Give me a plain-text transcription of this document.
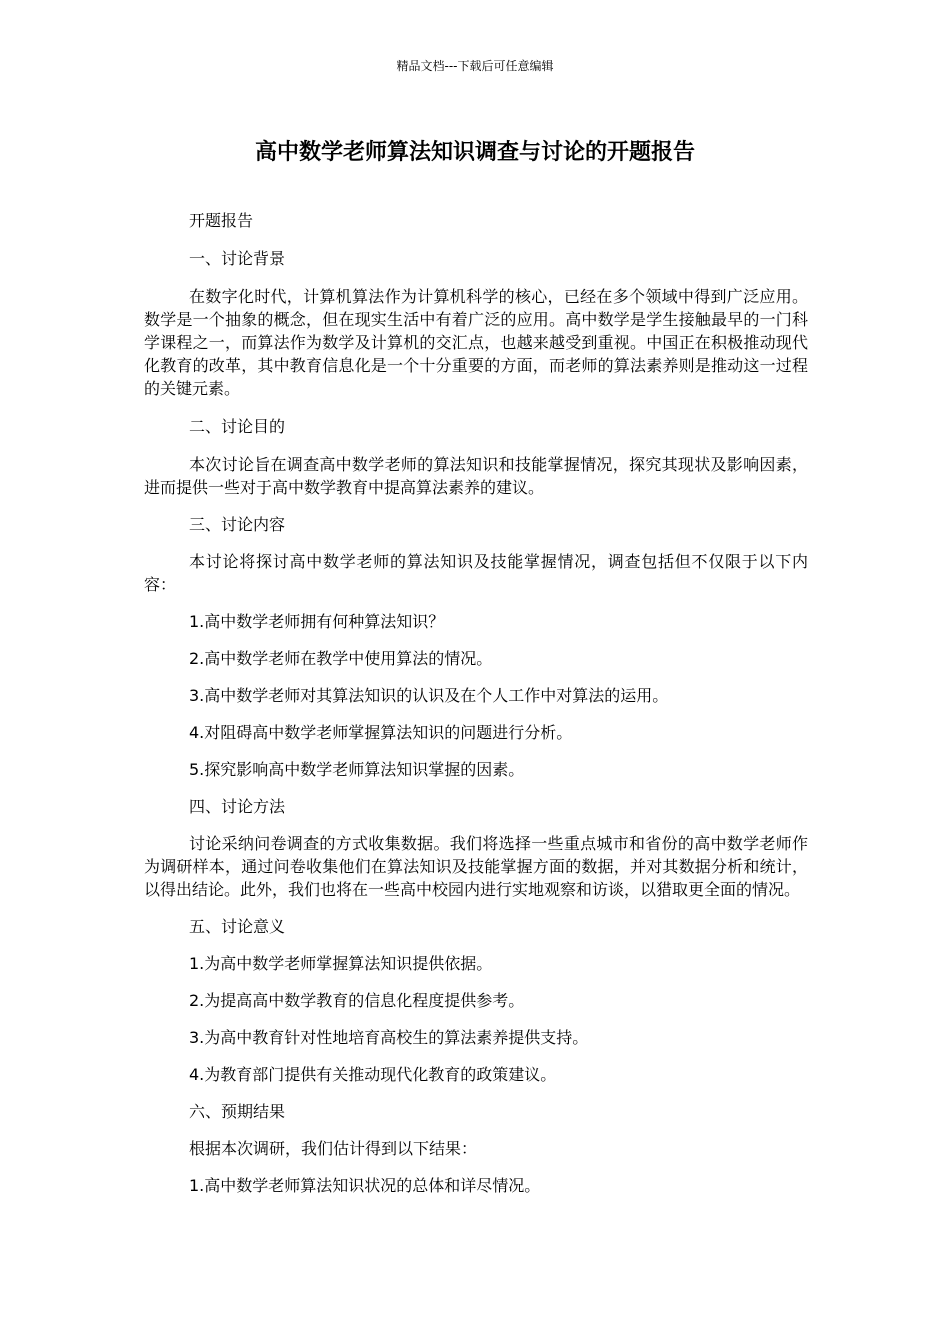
精品文档---下载后可任意编辑
高中数学老师算法知识调查与讨论的开题报告

开题报告

一、讨论背景

在数字化时代，计算机算法作为计算机科学的核心，已经在多个领域中得到广泛应用。数学是一个抽象的概念，但在现实生活中有着广泛的应用。高中数学是学生接触最早的一门科学课程之一，而算法作为数学及计算机的交汇点，也越来越受到重视。中国正在积极推动现代化教育的改革，其中教育信息化是一个十分重要的方面，而老师的算法素养则是推动这一过程的关键元素。

二、讨论目的

本次讨论旨在调查高中数学老师的算法知识和技能掌握情况，探究其现状及影响因素，进而提供一些对于高中数学教育中提高算法素养的建议。

三、讨论内容

本讨论将探讨高中数学老师的算法知识及技能掌握情况，调查包括但不仅限于以下内容：

1.高中数学老师拥有何种算法知识？

2.高中数学老师在教学中使用算法的情况。

3.高中数学老师对其算法知识的认识及在个人工作中对算法的运用。

4.对阻碍高中数学老师掌握算法知识的问题进行分析。

5.探究影响高中数学老师算法知识掌握的因素。

四、讨论方法

讨论采纳问卷调查的方式收集数据。我们将选择一些重点城市和省份的高中数学老师作为调研样本，通过问卷收集他们在算法知识及技能掌握方面的数据，并对其数据分析和统计，以得出结论。此外，我们也将在一些高中校园内进行实地观察和访谈，以猎取更全面的情况。

五、讨论意义

1.为高中数学老师掌握算法知识提供依据。

2.为提高高中数学教育的信息化程度提供参考。

3.为高中教育针对性地培育高校生的算法素养提供支持。

4.为教育部门提供有关推动现代化教育的政策建议。

六、预期结果

根据本次调研，我们估计得到以下结果：

1.高中数学老师算法知识状况的总体和详尽情况。
